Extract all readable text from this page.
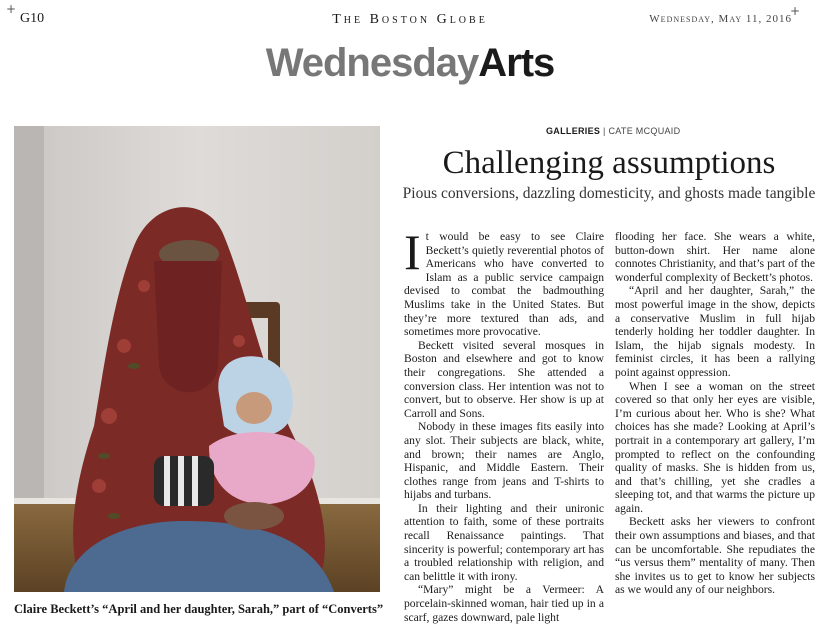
+
G10	The Boston Globe	Wednesday, May 11, 2016
+
WednesdayArts
Claire Beckett’s “April and her daughter, Sarah,” part of “Converts”
GALLERIES | CATE MCQUAID
Challenging assumptions
Pious conversions, dazzling domesticity, and ghosts made tangible
I t would be easy to see Claire Beckett’s quietly reverential photos of Americans who have converted to Islam as a public service campaign devised to combat the badmouthing Muslims take in the United States. But they’re more textured than ads, and sometimes more provocative.

Beckett visited several mosques in Boston and elsewhere and got to know their congregations. She attended a conversion class. Her intention was not to convert, but to observe. Her show is up at Carroll and Sons.

Nobody in these images fits easily into any slot. Their subjects are black, white, and brown; their names are Anglo, Hispanic, and Middle Eastern. Their clothes range from jeans and T-shirts to hijabs and turbans.

In their lighting and their unironic attention to faith, some of these portraits recall Renaissance paintings. That sincerity is powerful; contemporary art has a troubled relationship with religion, and can belittle it with irony.

“Mary” might be a Vermeer: A porcelain-skinned woman, hair tied up in a scarf, gazes downward, pale light

flooding her face. She wears a white, button-down shirt. Her name alone connotes Christianity, and that’s part of the wonderful complexity of Beckett’s photos.

“April and her daughter, Sarah,” the most powerful image in the show, depicts a conservative Muslim in full hijab tenderly holding her toddler daughter. In Islam, the hijab signals modesty. In feminist circles, it has been a rallying point against oppression.

When I see a woman on the street covered so that only her eyes are visible, I’m curious about her. Who is she? What choices has she made? Looking at April’s portrait in a contemporary art gallery, I’m prompted to reflect on the confounding quality of masks. She is hidden from us, and that’s chilling, yet she cradles a sleeping tot, and that warms the picture up again.

Beckett asks her viewers to confront their own assumptions and biases, and that can be uncomfortable. She repudiates the “us versus them” mentality of many. Then she invites us to get to know her subjects as we would any of our neighbors.
